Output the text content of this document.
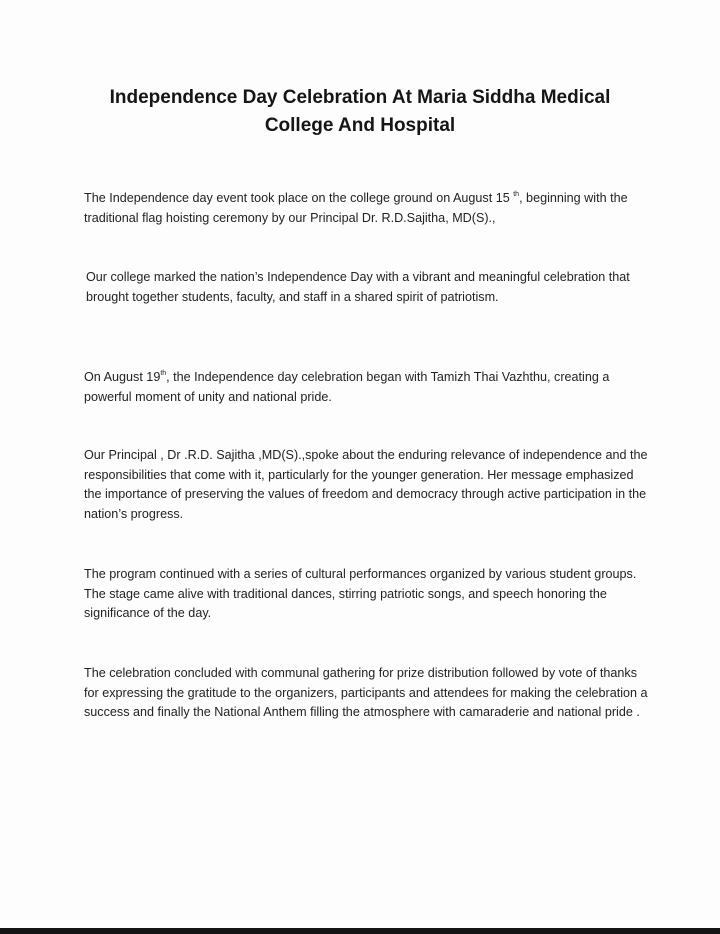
Independence Day Celebration At Maria Siddha Medical
College And Hospital

The Independence day event took place on the college ground on August 15 $^{th}$, beginning with the traditional flag hoisting ceremony by our Principal Dr. R.D.Sajitha, MD(S).,

Our college marked the nation’s Independence Day with a vibrant and meaningful celebration that brought together students, faculty, and staff in a shared spirit of patriotism.

On August 19th, the Independence day celebration began with Tamizh Thai Vazhthu, creating a powerful moment of unity and national pride.

Our Principal , Dr .R.D. Sajitha ,MD(S).,spoke about the enduring relevance of independence and the responsibilities that come with it, particularly for the younger generation. Her message emphasized the importance of preserving the values of freedom and democracy through active participation in the nation’s progress.

The program continued with a series of cultural performances organized by various student groups. The stage came alive with traditional dances, stirring patriotic songs, and speech honoring the significance of the day.

The celebration concluded with communal gathering for prize distribution followed by vote of thanks for expressing the gratitude to the organizers, participants and attendees for making the celebration a success and finally the National Anthem filling the atmosphere with camaraderie and national pride .
